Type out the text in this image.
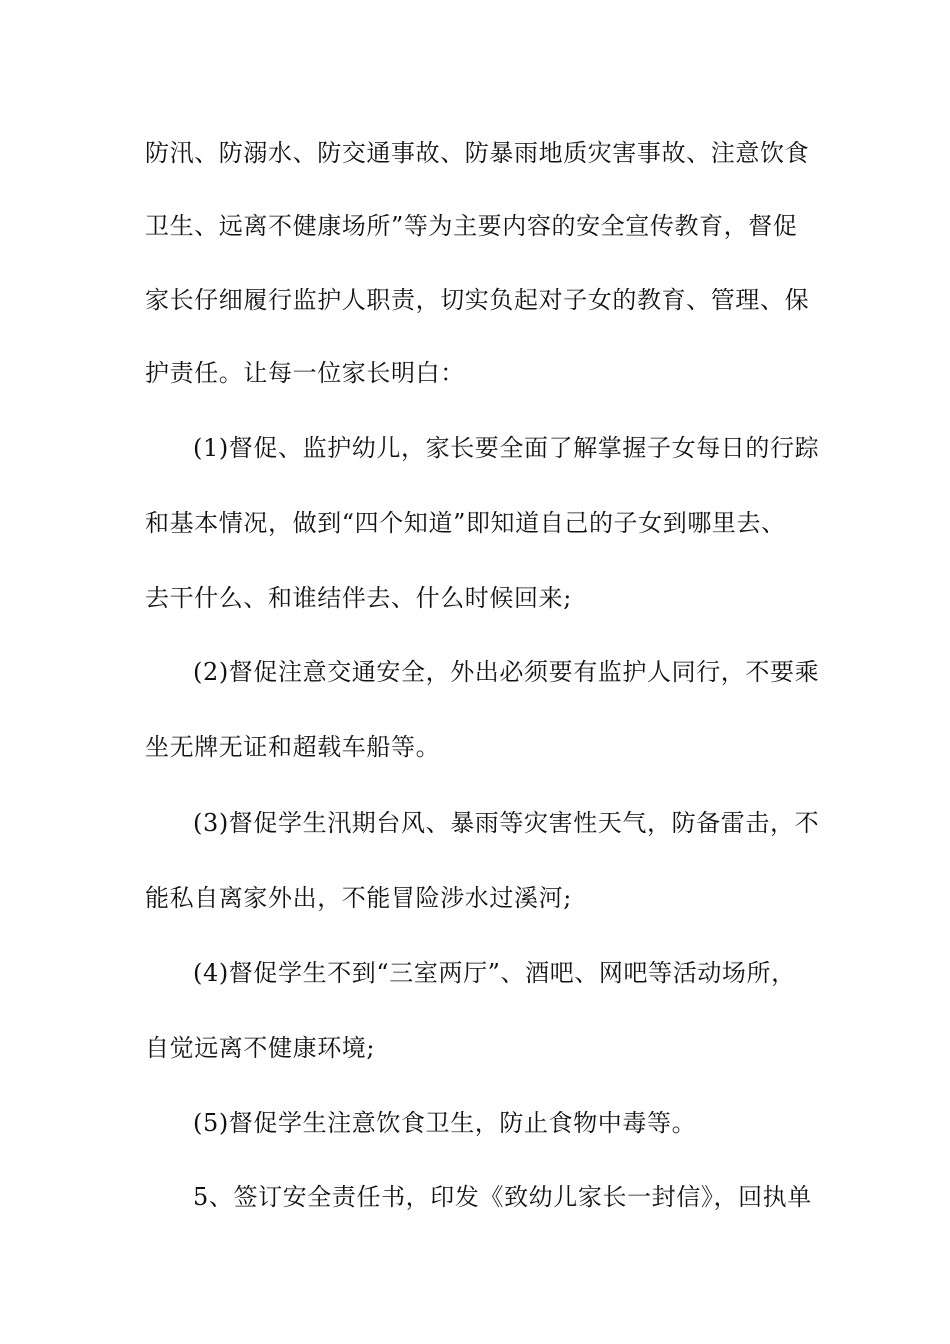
防汛、防溺水、防交通事故、防暴雨地质灾害事故、注意饮食
卫生、远离不健康场所”等为主要内容的安全宣传教育，督促
家长仔细履行监护人职责，切实负起对子女的教育、管理、保
护责任。让每一位家长明白：
(1)督促、监护幼儿，家长要全面了解掌握子女每日的行踪
和基本情况，做到“四个知道”即知道自己的子女到哪里去、
去干什么、和谁结伴去、什么时候回来;
(2)督促注意交通安全，外出必须要有监护人同行，不要乘
坐无牌无证和超载车船等。
(3)督促学生汛期台风、暴雨等灾害性天气，防备雷击，不
能私自离家外出，不能冒险涉水过溪河;
(4)督促学生不到“三室两厅”、酒吧、网吧等活动场所，
自觉远离不健康环境;
(5)督促学生注意饮食卫生，防止食物中毒等。
5、签订安全责任书，印发《致幼儿家长一封信》，回执单
